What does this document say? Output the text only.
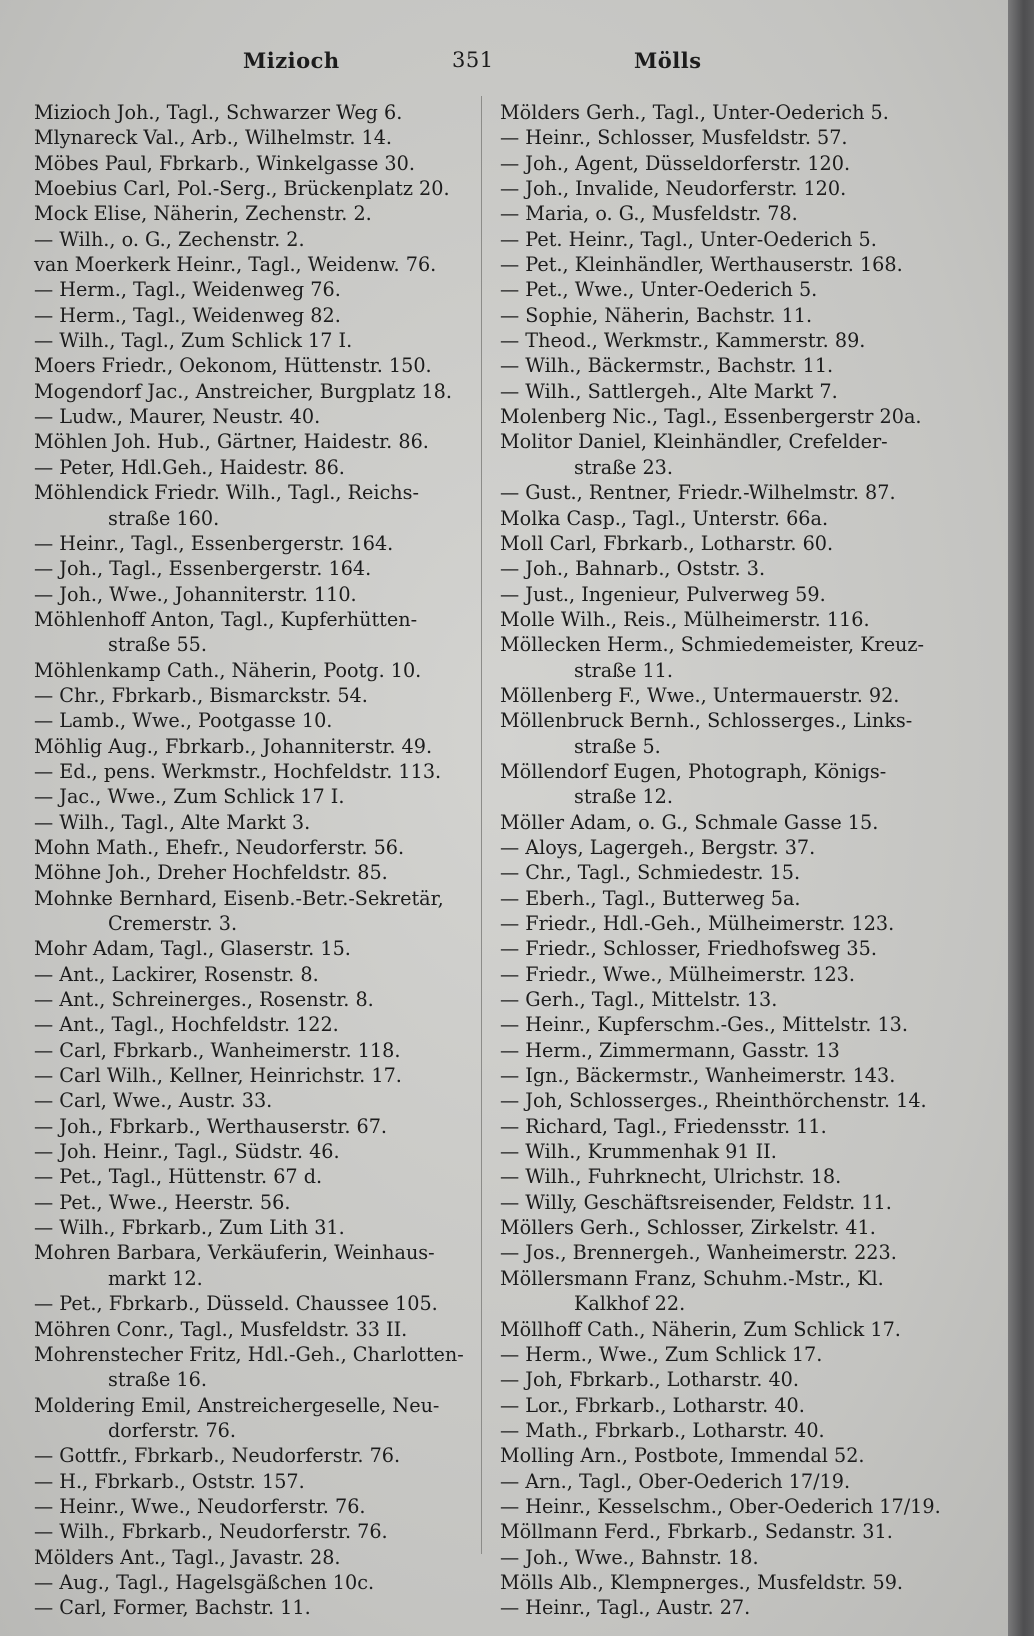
Mizioch	351	Mölls
Mizioch Joh., Tagl., Schwarzer Weg 6.
Mlynareck Val., Arb., Wilhelmstr. 14.
Möbes Paul, Fbrkarb., Winkelgasse 30.
Moebius Carl, Pol.-Serg., Brückenplatz 20.
Mock Elise, Näherin, Zechenstr. 2.
— Wilh., o. G., Zechenstr. 2.
van Moerkerk Heinr., Tagl., Weidenw. 76.
— Herm., Tagl., Weidenweg 76.
— Herm., Tagl., Weidenweg 82.
— Wilh., Tagl., Zum Schlick 17 I.
Moers Friedr., Oekonom, Hüttenstr. 150.
Mogendorf Jac., Anstreicher, Burgplatz 18.
— Ludw., Maurer, Neustr. 40.
Möhlen Joh. Hub., Gärtner, Haidestr. 86.
— Peter, Hdl.Geh., Haidestr. 86.
Möhlendick Friedr. Wilh., Tagl., Reichs-
straße 160.
— Heinr., Tagl., Essenbergerstr. 164.
— Joh., Tagl., Essenbergerstr. 164.
— Joh., Wwe., Johanniterstr. 110.
Möhlenhoff Anton, Tagl., Kupferhütten-
straße 55.
Möhlenkamp Cath., Näherin, Pootg. 10.
— Chr., Fbrkarb., Bismarckstr. 54.
— Lamb., Wwe., Pootgasse 10.
Möhlig Aug., Fbrkarb., Johanniterstr. 49.
— Ed., pens. Werkmstr., Hochfeldstr. 113.
— Jac., Wwe., Zum Schlick 17 I.
— Wilh., Tagl., Alte Markt 3.
Mohn Math., Ehefr., Neudorferstr. 56.
Möhne Joh., Dreher Hochfeldstr. 85.
Mohnke Bernhard, Eisenb.-Betr.-Sekretär,
Cremerstr. 3.
Mohr Adam, Tagl., Glaserstr. 15.
— Ant., Lackirer, Rosenstr. 8.
— Ant., Schreinerges., Rosenstr. 8.
— Ant., Tagl., Hochfeldstr. 122.
— Carl, Fbrkarb., Wanheimerstr. 118.
— Carl Wilh., Kellner, Heinrichstr. 17.
— Carl, Wwe., Austr. 33.
— Joh., Fbrkarb., Werthauserstr. 67.
— Joh. Heinr., Tagl., Südstr. 46.
— Pet., Tagl., Hüttenstr. 67 d.
— Pet., Wwe., Heerstr. 56.
— Wilh., Fbrkarb., Zum Lith 31.
Mohren Barbara, Verkäuferin, Weinhaus-
markt 12.
— Pet., Fbrkarb., Düsseld. Chaussee 105.
Möhren Conr., Tagl., Musfeldstr. 33 II.
Mohrenstecher Fritz, Hdl.-Geh., Charlotten-
straße 16.
Moldering Emil, Anstreichergeselle, Neu-
dorferstr. 76.
— Gottfr., Fbrkarb., Neudorferstr. 76.
— H., Fbrkarb., Oststr. 157.
— Heinr., Wwe., Neudorferstr. 76.
— Wilh., Fbrkarb., Neudorferstr. 76.
Mölders Ant., Tagl., Javastr. 28.
— Aug., Tagl., Hagelsgäßchen 10c.
— Carl, Former, Bachstr. 11.
Mölders Gerh., Tagl., Unter-Oederich 5.
— Heinr., Schlosser, Musfeldstr. 57.
— Joh., Agent, Düsseldorferstr. 120.
— Joh., Invalide, Neudorferstr. 120.
— Maria, o. G., Musfeldstr. 78.
— Pet. Heinr., Tagl., Unter-Oederich 5.
— Pet., Kleinhändler, Werthauserstr. 168.
— Pet., Wwe., Unter-Oederich 5.
— Sophie, Näherin, Bachstr. 11.
— Theod., Werkmstr., Kammerstr. 89.
— Wilh., Bäckermstr., Bachstr. 11.
— Wilh., Sattlergeh., Alte Markt 7.
Molenberg Nic., Tagl., Essenbergerstr 20a.
Molitor Daniel, Kleinhändler, Crefelder-
straße 23.
— Gust., Rentner, Friedr.-Wilhelmstr. 87.
Molka Casp., Tagl., Unterstr. 66a.
Moll Carl, Fbrkarb., Lotharstr. 60.
— Joh., Bahnarb., Oststr. 3.
— Just., Ingenieur, Pulverweg 59.
Molle Wilh., Reis., Mülheimerstr. 116.
Möllecken Herm., Schmiedemeister, Kreuz-
straße 11.
Möllenberg F., Wwe., Untermauerstr. 92.
Möllenbruck Bernh., Schlosserges., Links-
straße 5.
Möllendorf Eugen, Photograph, Königs-
straße 12.
Möller Adam, o. G., Schmale Gasse 15.
— Aloys, Lagergeh., Bergstr. 37.
— Chr., Tagl., Schmiedestr. 15.
— Eberh., Tagl., Butterweg 5a.
— Friedr., Hdl.-Geh., Mülheimerstr. 123.
— Friedr., Schlosser, Friedhofsweg 35.
— Friedr., Wwe., Mülheimerstr. 123.
— Gerh., Tagl., Mittelstr. 13.
— Heinr., Kupferschm.-Ges., Mittelstr. 13.
— Herm., Zimmermann, Gasstr. 13
— Ign., Bäckermstr., Wanheimerstr. 143.
— Joh, Schlosserges., Rheinthörchenstr. 14.
— Richard, Tagl., Friedensstr. 11.
— Wilh., Krummenhak 91 II.
— Wilh., Fuhrknecht, Ulrichstr. 18.
— Willy, Geschäftsreisender, Feldstr. 11.
Möllers Gerh., Schlosser, Zirkelstr. 41.
— Jos., Brennergeh., Wanheimerstr. 223.
Möllersmann Franz, Schuhm.-Mstr., Kl.
Kalkhof 22.
Möllhoff Cath., Näherin, Zum Schlick 17.
— Herm., Wwe., Zum Schlick 17.
— Joh, Fbrkarb., Lotharstr. 40.
— Lor., Fbrkarb., Lotharstr. 40.
— Math., Fbrkarb., Lotharstr. 40.
Molling Arn., Postbote, Immendal 52.
— Arn., Tagl., Ober-Oederich 17/19.
— Heinr., Kesselschm., Ober-Oederich 17/19.
Möllmann Ferd., Fbrkarb., Sedanstr. 31.
— Joh., Wwe., Bahnstr. 18.
Mölls Alb., Klempnerges., Musfeldstr. 59.
— Heinr., Tagl., Austr. 27.
